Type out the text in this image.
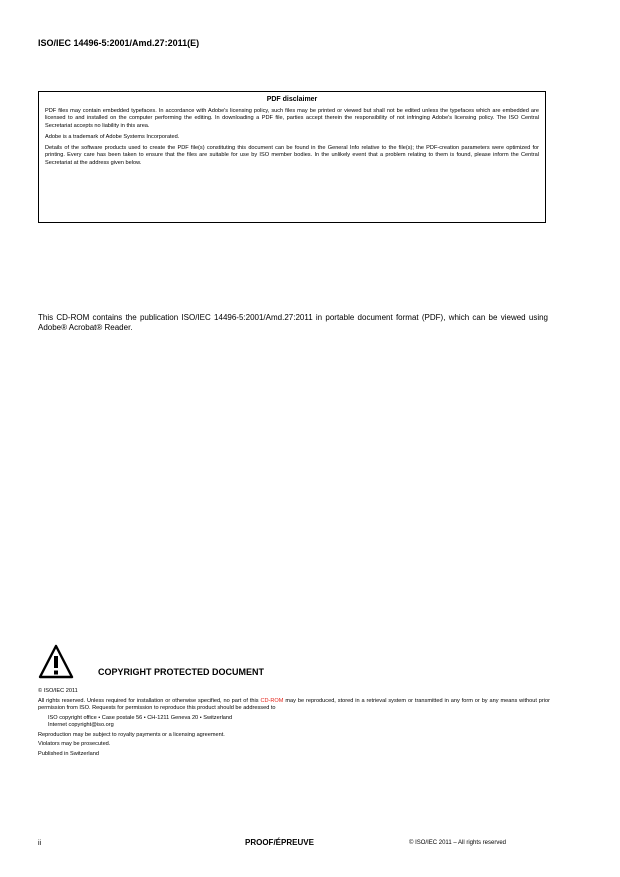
ISO/IEC 14496-5:2001/Amd.27:2011(E)
PDF disclaimer

PDF files may contain embedded typefaces. In accordance with Adobe's licensing policy, such files may be printed or viewed but shall not be edited unless the typefaces which are embedded are licensed to and installed on the computer performing the editing. In downloading a PDF file, parties accept therein the responsibility of not infringing Adobe's licensing policy. The ISO Central Secretariat accepts no liability in this area.

Adobe is a trademark of Adobe Systems Incorporated.

Details of the software products used to create the PDF file(s) constituting this document can be found in the General Info relative to the file(s); the PDF-creation parameters were optimized for printing. Every care has been taken to ensure that the files are suitable for use by ISO member bodies. In the unlikely event that a problem relating to them is found, please inform the Central Secretariat at the address given below.

This CD-ROM contains the publication ISO/IEC 14496-5:2001/Amd.27:2011 in portable document format (PDF), which can be viewed using Adobe® Acrobat® Reader.
COPYRIGHT PROTECTED DOCUMENT

© ISO/IEC 2011

All rights reserved. Unless required for installation or otherwise specified, no part of this CD-ROM may be reproduced, stored in a retrieval system or transmitted in any form or by any means without prior permission from ISO. Requests for permission to reproduce this product should be addressed to

ISO copyright office • Case postale 56 • CH-1211 Geneva 20 • Switzerland

Internet copyright@iso.org

Reproduction may be subject to royalty payments or a licensing agreement.

Violators may be prosecuted.

Published in Switzerland

ii	PROOF/ÉPREUVE	© ISO/IEC 2011 – All rights reserved
